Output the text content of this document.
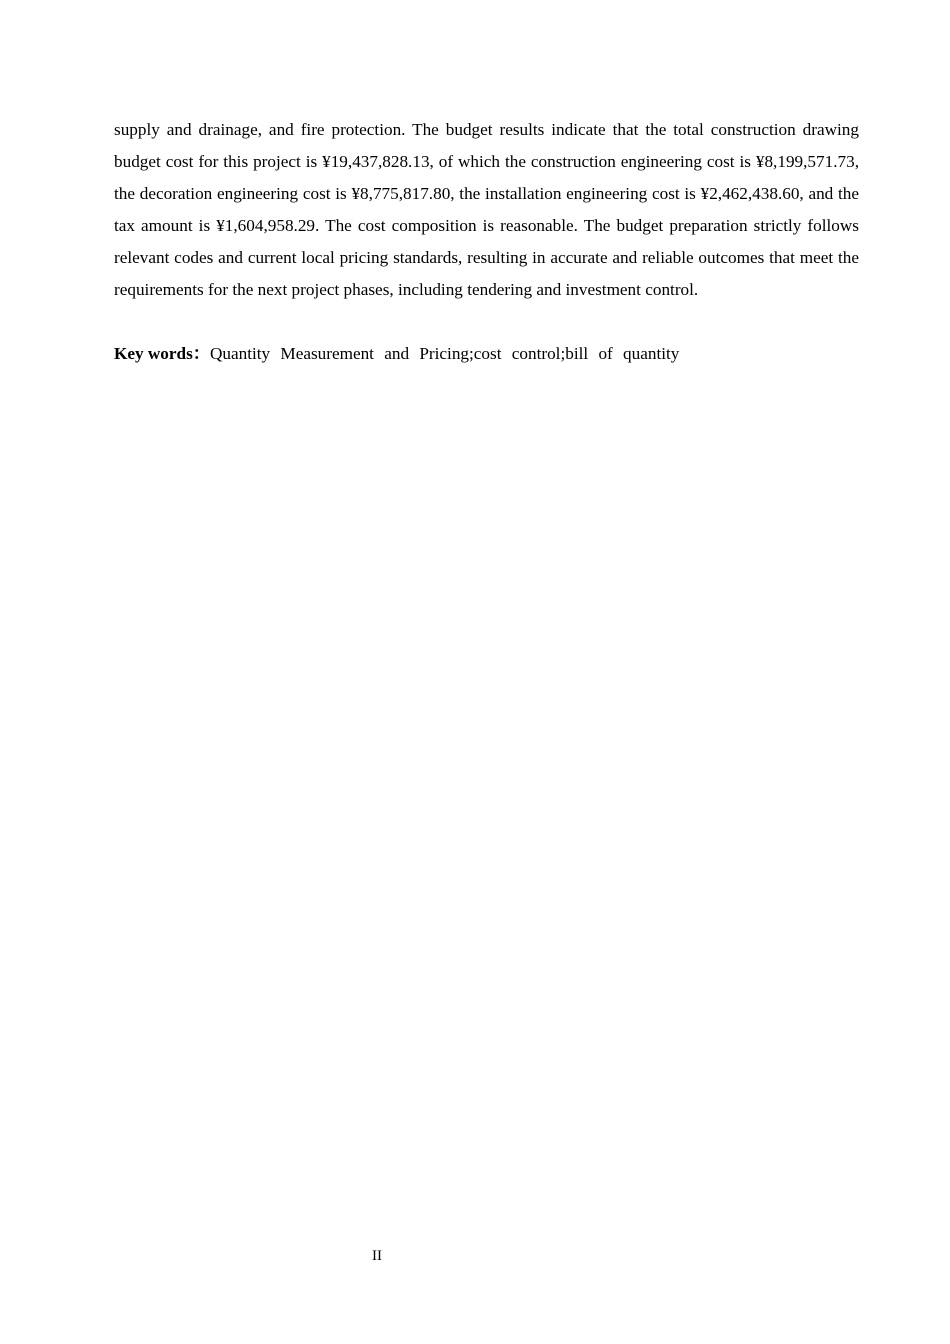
supply and drainage, and fire protection. The budget results indicate that the total construction drawing budget cost for this project is ¥19,437,828.13, of which the construction engineering cost is ¥8,199,571.73, the decoration engineering cost is ¥8,775,817.80, the installation engineering cost is ¥2,462,438.60, and the tax amount is ¥1,604,958.29. The cost composition is reasonable. The budget preparation strictly follows relevant codes and current local pricing standards, resulting in accurate and reliable outcomes that meet the requirements for the next project phases, including tendering and investment control.

Key words：Quantity Measurement and Pricing;cost control;bill of quantity

II
